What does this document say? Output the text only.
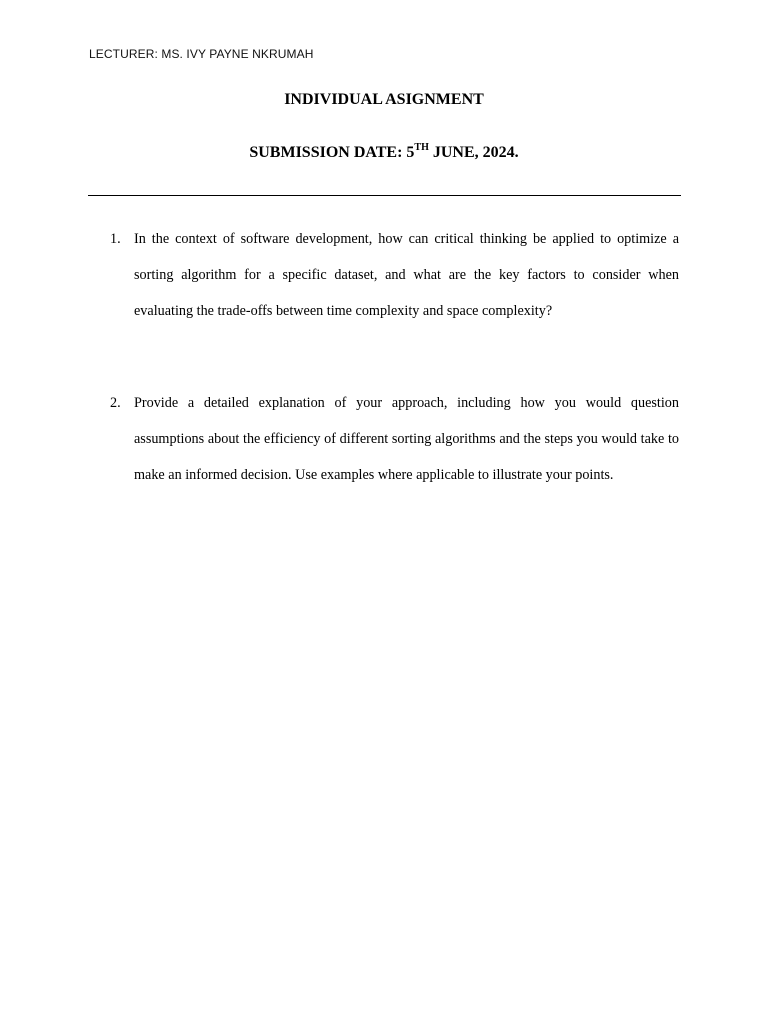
LECTURER: MS. IVY PAYNE NKRUMAH
INDIVIDUAL ASIGNMENT
SUBMISSION DATE: 5TH JUNE, 2024.
1. In the context of software development, how can critical thinking be applied to optimize a sorting algorithm for a specific dataset, and what are the key factors to consider when evaluating the trade-offs between time complexity and space complexity?
2. Provide a detailed explanation of your approach, including how you would question assumptions about the efficiency of different sorting algorithms and the steps you would take to make an informed decision. Use examples where applicable to illustrate your points.
